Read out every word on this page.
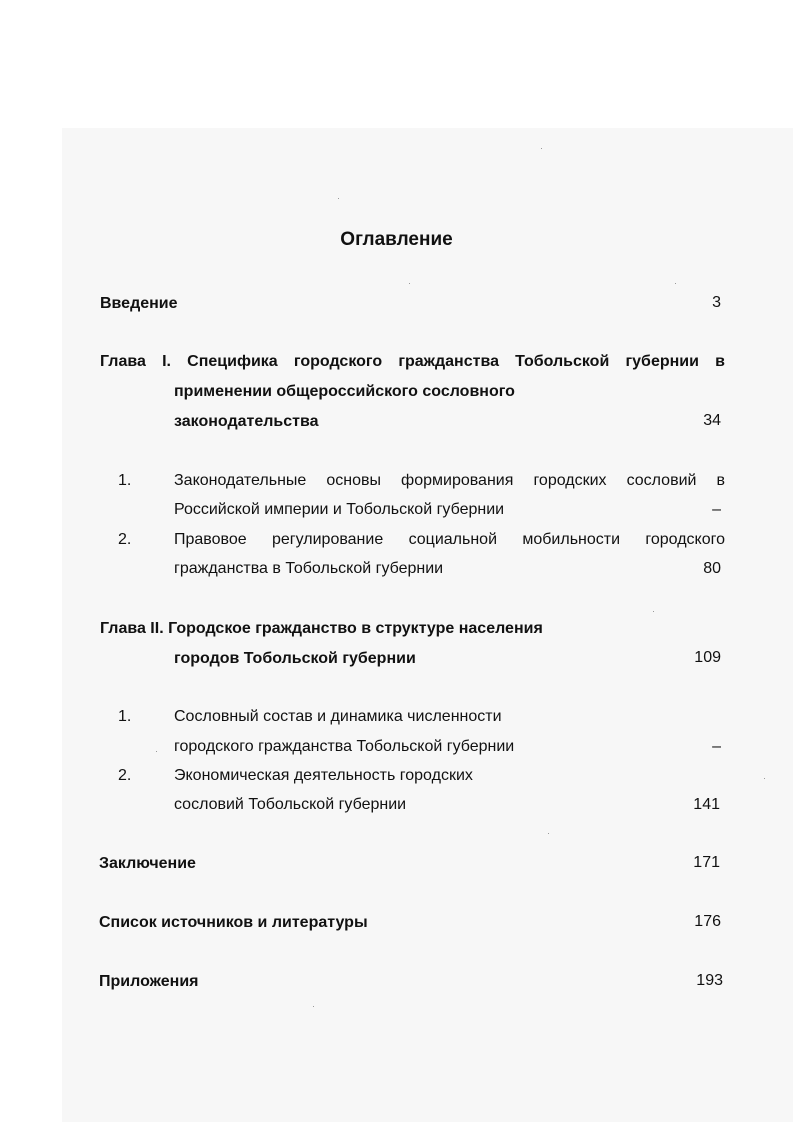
Оглавление
Введение	3
Глава I. Специфика городского гражданства Тобольской губернии в
применении общероссийского сословного
законодательства	34
1.	Законодательные основы формирования городских сословий в
Российской империи и Тобольской губернии	–
2.	Правовое регулирование социальной мобильности городского
гражданства в Тобольской губернии	80
Глава II. Городское гражданство в структуре населения
городов Тобольской губернии	109
1.	Сословный состав и динамика численности
городского гражданства Тобольской губернии	–
2.	Экономическая деятельность городских
сословий Тобольской губернии	141
Заключение	171
Список источников и литературы	176
Приложения	193
